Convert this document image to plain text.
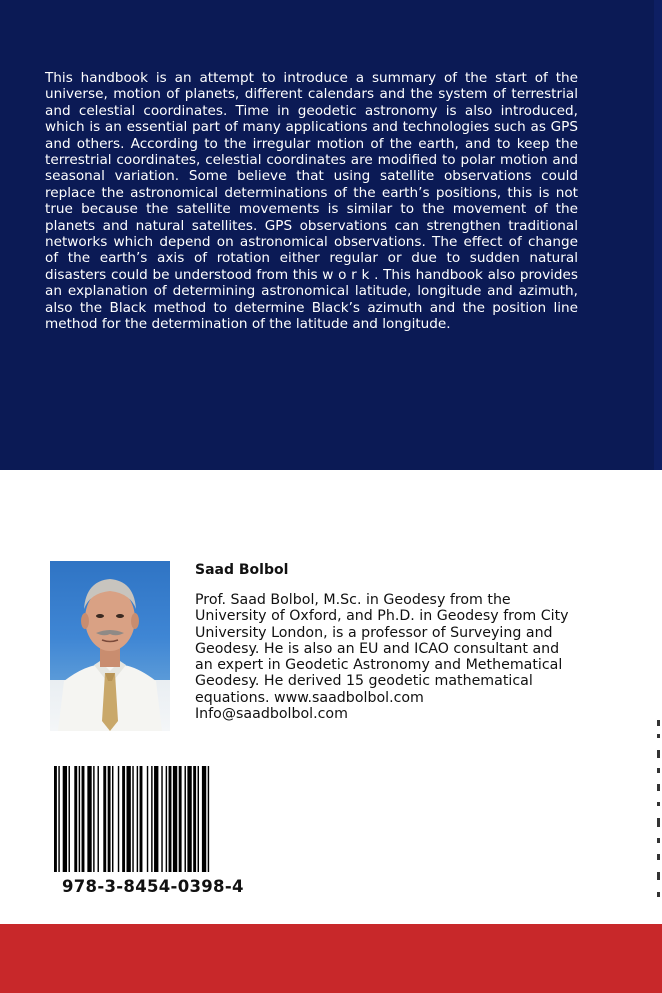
This handbook is an attempt to introduce a summary of the start of the universe, motion of planets, different calendars and the system of terrestrial and celestial coordinates. Time in geodetic astronomy is also introduced, which is an essential part of many applications and technologies such as GPS and others. According to the irregular motion of the earth, and to keep the terrestrial coordinates, celestial coordinates are modified to polar motion and seasonal variation. Some believe that using satellite observations could replace the astronomical determinations of the earth’s positions, this is not true because the satellite movements is similar to the movement of the planets and natural satellites. GPS observations can strengthen traditional networks which depend on astronomical observations. The effect of change of the earth’s axis of rotation either regular or due to sudden natural disasters could be understood from this w o r k . This handbook also provides an explanation of determining astronomical latitude, longitude and azimuth, also the Black method to determine Black’s azimuth and the position line method for the determination of the latitude and longitude.

Saad Bolbol

Prof. Saad Bolbol, M.Sc. in Geodesy from the University of Oxford, and Ph.D. in Geodesy from City University London, is a professor of Surveying and Geodesy. He is also an EU and ICAO consultant and an expert in Geodetic Astronomy and Methematical Geodesy. He derived 15 geodetic mathematical equations. www.saadbolbol.com Info@saadbolbol.com

978-3-8454-0398-4
